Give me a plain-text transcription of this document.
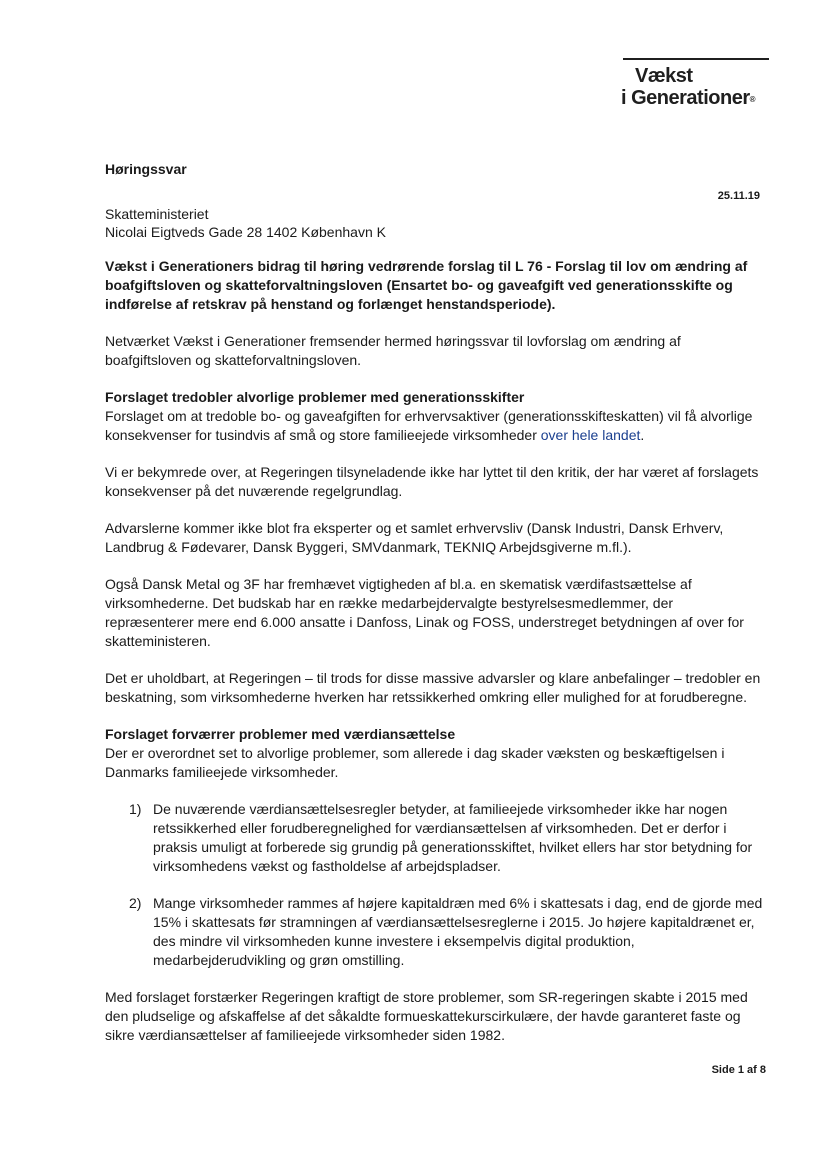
Vækst
i Generationer®
Høringssvar
25.11.19
Skatteministeriet
Nicolai Eigtveds Gade 28 1402 København K

Vækst i Generationers bidrag til høring vedrørende forslag til L 76 - Forslag til lov om ændring af boafgiftsloven og skatteforvaltningsloven (Ensartet bo- og gaveafgift ved generationsskifte og indførelse af retskrav på henstand og forlænget henstandsperiode).

Netværket Vækst i Generationer fremsender hermed høringssvar til lovforslag om ændring af boafgiftsloven og skatteforvaltningsloven.

Forslaget tredobler alvorlige problemer med generationsskifter

Forslaget om at tredoble bo- og gaveafgiften for erhvervsaktiver (generationsskifteskatten) vil få alvorlige konsekvenser for tusindvis af små og store familieejede virksomheder over hele landet.

Vi er bekymrede over, at Regeringen tilsyneladende ikke har lyttet til den kritik, der har været af forslagets konsekvenser på det nuværende regelgrundlag.

Advarslerne kommer ikke blot fra eksperter og et samlet erhvervsliv (Dansk Industri, Dansk Erhverv, Landbrug & Fødevarer, Dansk Byggeri, SMVdanmark, TEKNIQ Arbejdsgiverne m.fl.).

Også Dansk Metal og 3F har fremhævet vigtigheden af bl.a. en skematisk værdifastsættelse af virksomhederne. Det budskab har en række medarbejdervalgte bestyrelsesmedlemmer, der repræsenterer mere end 6.000 ansatte i Danfoss, Linak og FOSS, understreget betydningen af over for skatteministeren.

Det er uholdbart, at Regeringen – til trods for disse massive advarsler og klare anbefalinger – tredobler en beskatning, som virksomhederne hverken har retssikkerhed omkring eller mulighed for at forudberegne.

Forslaget forværrer problemer med værdiansættelse

Der er overordnet set to alvorlige problemer, som allerede i dag skader væksten og beskæftigelsen i Danmarks familieejede virksomheder.

1) De nuværende værdiansættelsesregler betyder, at familieejede virksomheder ikke har nogen retssikkerhed eller forudberegnelighed for værdiansættelsen af virksomheden. Det er derfor i praksis umuligt at forberede sig grundig på generationsskiftet, hvilket ellers har stor betydning for virksomhedens vækst og fastholdelse af arbejdspladser.
2) Mange virksomheder rammes af højere kapitaldræn med 6% i skattesats i dag, end de gjorde med 15% i skattesats før stramningen af værdiansættelsesreglerne i 2015. Jo højere kapitaldrænet er, des mindre vil virksomheden kunne investere i eksempelvis digital produktion, medarbejderudvikling og grøn omstilling.

Med forslaget forstærker Regeringen kraftigt de store problemer, som SR-regeringen skabte i 2015 med den pludselige og afskaffelse af det såkaldte formueskattekurscirkulære, der havde garanteret faste og sikre værdiansættelser af familieejede virksomheder siden 1982.

Side 1 af 8
